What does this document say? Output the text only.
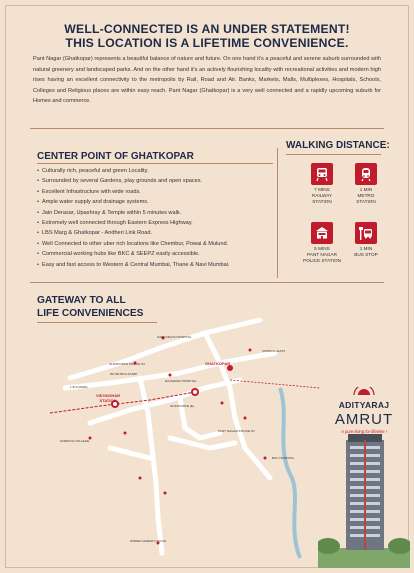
WELL-CONNECTED IS AN UNDER STATEMENT!
THIS LOCATION IS A LIFETIME CONVENIENCE.
Pant Nagar (Ghatkopar) represents a beautiful balance of nature and future. On one hand it's a peaceful and serene suburb surrounded with natural greenery and landscaped parks. And on the other hand it's an actively flourishing locality with recreational activities and modern high rises having an excellent connectivity to the metropolis by Rail, Road and Air. Banks, Markets, Malls, Multiplexes, Hospitals, Schools, Colleges and Religious places are within easy reach. Pant Nagar (Ghatkopar) is a very well connected and a rapidly upcoming suburb for Homes and commerce.
CENTER POINT OF GHATKOPAR
• Culturally rich, peaceful and green Locality.
• Surrounded by several Gardens, play grounds and open spaces.
• Excellent Infrastructure with wide roads.
• Ample water supply and drainage systems.
• Jain Derasar, Upashray & Temple within 5 minutes walk.
• Extremely well connected through Eastern Express Highway,
• LBS Marg & Ghatkopar - Andheri Link Road.
• Well Connected to other uber rich locations like Chembur, Powai & Mulund.
• Commercial working hubs like BKC & SEEPZ easily accessible.
• Easy and fast access to Western & Central Mumbai, Thane & Navi Mumbai.
WALKING DISTANCE:
7 MINS
RAILWAY
STATION
1 MIN
METRO
STATION
5 MINS
PANT NAGAR
POLICE STATION
1 MIN
BUS STOP
GATEWAY TO ALL
LIFE CONVENIENCES
SARVODAYA HOSPITAL
GHATKOPAR POLICE ST.
HP PETROL PUMP
RAJAWADI HOSPITAL
VIKHROLI EAST
L.B.S MARG
GHATKOPAR (E)
PANT NAGAR POLICE ST.
SOMAIYA COLLEGE
BKC HOSPITAL
SHREE GANESH UDYAN
GHATKOPAR
VIDYAVIHAR
STATION	ADITYARAJ
AMRUT
A pure living for lifetime !
